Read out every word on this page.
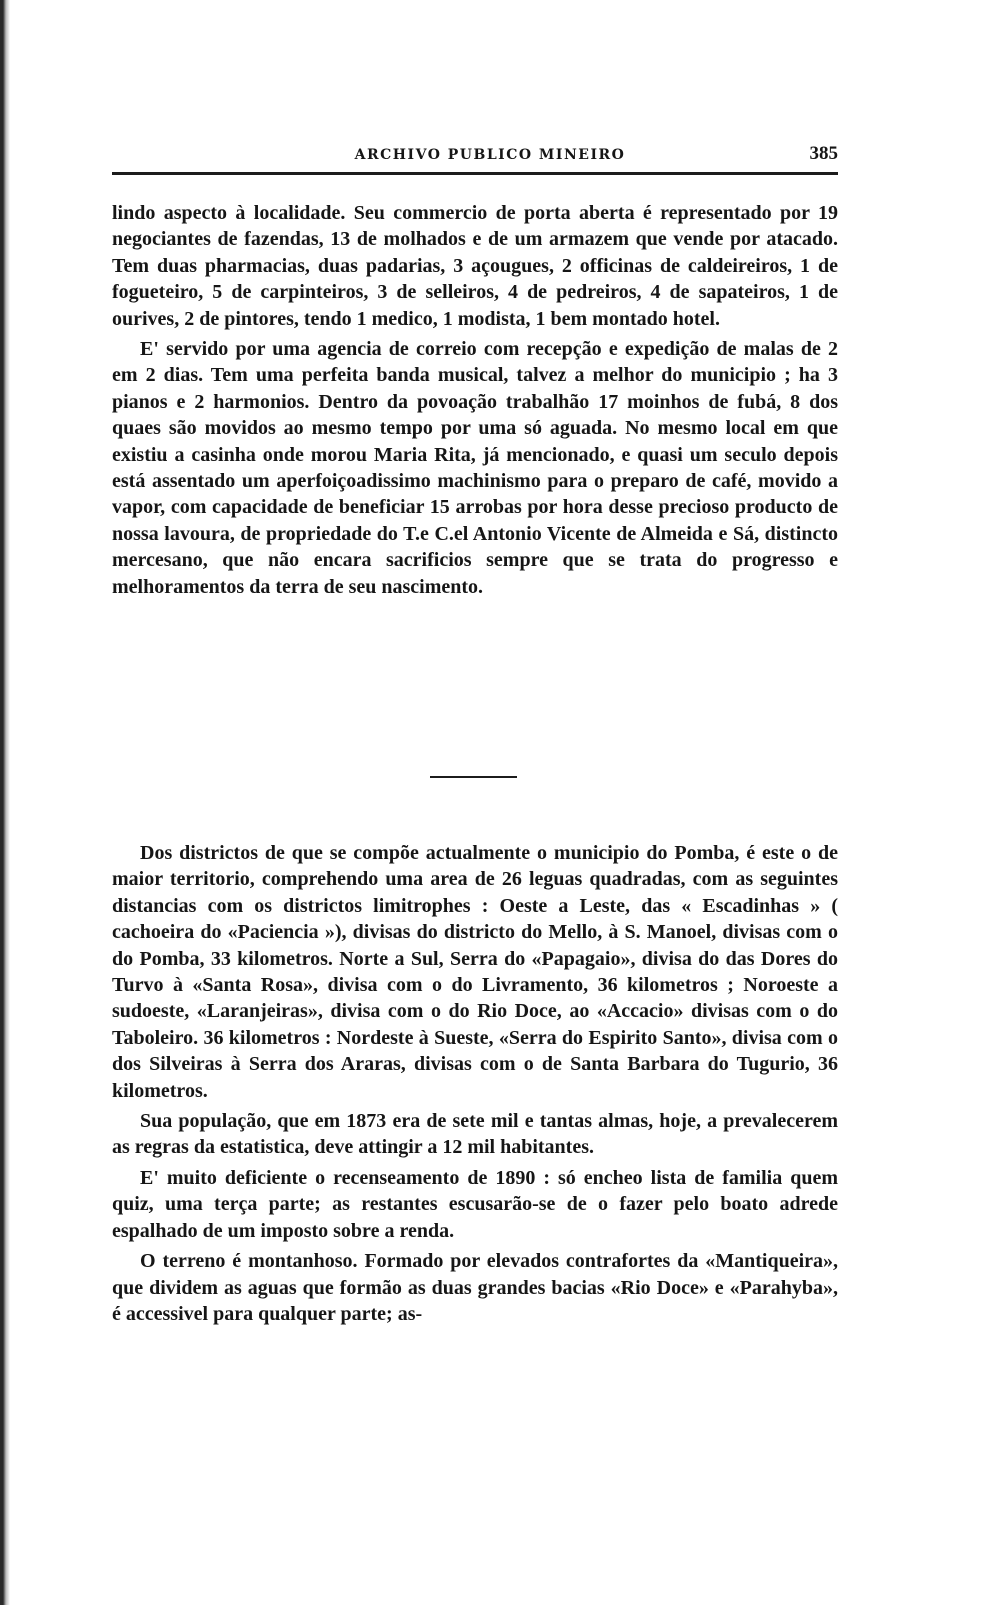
ARCHIVO PUBLICO MINEIRO	385

lindo aspecto à localidade. Seu commercio de porta aberta é representado por 19 negociantes de fazendas, 13 de molhados e de um armazem que vende por atacado. Tem duas pharmacias, duas padarias, 3 açougues, 2 officinas de caldeireiros, 1 de fogueteiro, 5 de carpinteiros, 3 de selleiros, 4 de pedreiros, 4 de sapateiros, 1 de ourives, 2 de pintores, tendo 1 medico, 1 modista, 1 bem montado hotel.

E' servido por uma agencia de correio com recepção e expedição de malas de 2 em 2 dias. Tem uma perfeita banda musical, talvez a melhor do municipio ; ha 3 pianos e 2 harmonios. Dentro da povoação trabalhão 17 moinhos de fubá, 8 dos quaes são movidos ao mesmo tempo por uma só aguada. No mesmo local em que existiu a casinha onde morou Maria Rita, já mencionado, e quasi um seculo depois está assentado um aperfoiçoadissimo machinismo para o preparo de café, movido a vapor, com capacidade de beneficiar 15 arrobas por hora desse precioso producto de nossa lavoura, de propriedade do T.e C.el Antonio Vicente de Almeida e Sá, distincto mercesano, que não encara sacrificios sempre que se trata do progresso e melhoramentos da terra de seu nascimento.

Dos districtos de que se compõe actualmente o municipio do Pomba, é este o de maior territorio, comprehendo uma area de 26 leguas quadradas, com as seguintes distancias com os districtos limitrophes : Oeste a Leste, das « Escadinhas » ( cachoeira do «Paciencia »), divisas do districto do Mello, à S. Manoel, divisas com o do Pomba, 33 kilometros. Norte a Sul, Serra do «Papagaio», divisa do das Dores do Turvo à «Santa Rosa», divisa com o do Livramento, 36 kilometros ; Noroeste a sudoeste, «Laranjeiras», divisa com o do Rio Doce, ao «Accacio» divisas com o do Taboleiro. 36 kilometros : Nordeste à Sueste, «Serra do Espirito Santo», divisa com o dos Silveiras à Serra dos Araras, divisas com o de Santa Barbara do Tugurio, 36 kilometros.

Sua população, que em 1873 era de sete mil e tantas almas, hoje, a prevalecerem as regras da estatistica, deve attingir a 12 mil habitantes.

E' muito deficiente o recenseamento de 1890 : só encheo lista de familia quem quiz, uma terça parte; as restantes escusarão-se de o fazer pelo boato adrede espalhado de um imposto sobre a renda.

O terreno é montanhoso. Formado por elevados contrafortes da «Mantiqueira», que dividem as aguas que formão as duas grandes bacias «Rio Doce» e «Parahyba», é accessivel para qualquer parte; as-
